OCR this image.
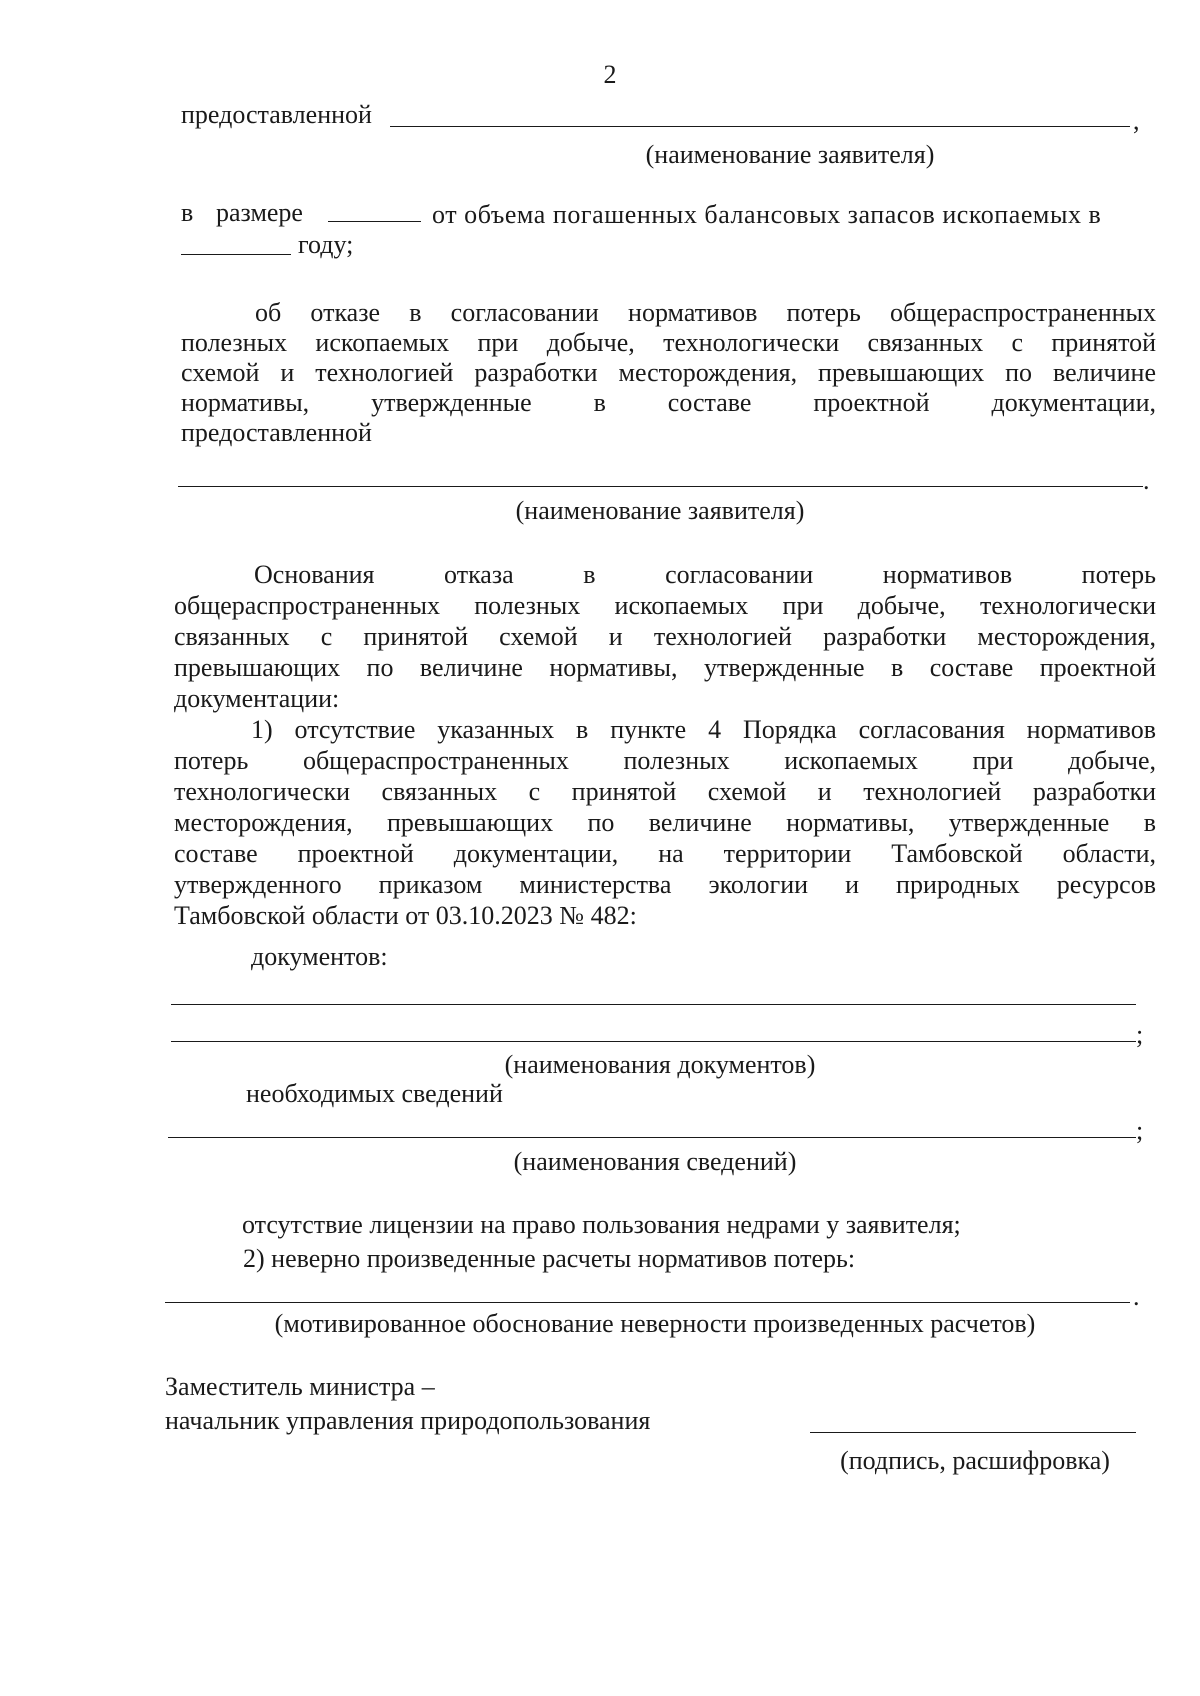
2
предоставленной	,
(наименование заявителя)
в размере	от объема погашенных балансовых запасов ископаемых в
году;
об отказе в согласовании нормативов потерь общераспространенных
полезных ископаемых при добыче, технологически связанных с принятой
схемой и технологией разработки месторождения, превышающих по величине
нормативы, утвержденные в составе проектной документации,
предоставленной
.
(наименование заявителя)
Основания отказа в согласовании нормативов потерь
общераспространенных полезных ископаемых при добыче, технологически
связанных с принятой схемой и технологией разработки месторождения,
превышающих по величине нормативы, утвержденные в составе проектной
документации:
1) отсутствие указанных в пункте 4 Порядка согласования нормативов
потерь общераспространенных полезных ископаемых при добыче,
технологически связанных с принятой схемой и технологией разработки
месторождения, превышающих по величине нормативы, утвержденные в
составе проектной документации, на территории Тамбовской области,
утвержденного приказом министерства экологии и природных ресурсов
Тамбовской области от 03.10.2023 № 482:
документов:
;
(наименования документов)
необходимых сведений
;
(наименования сведений)
отсутствие лицензии на право пользования недрами у заявителя;
2) неверно произведенные расчеты нормативов потерь:
.
(мотивированное обоснование неверности произведенных расчетов)
Заместитель министра –
начальник управления природопользования
(подпись, расшифровка)
